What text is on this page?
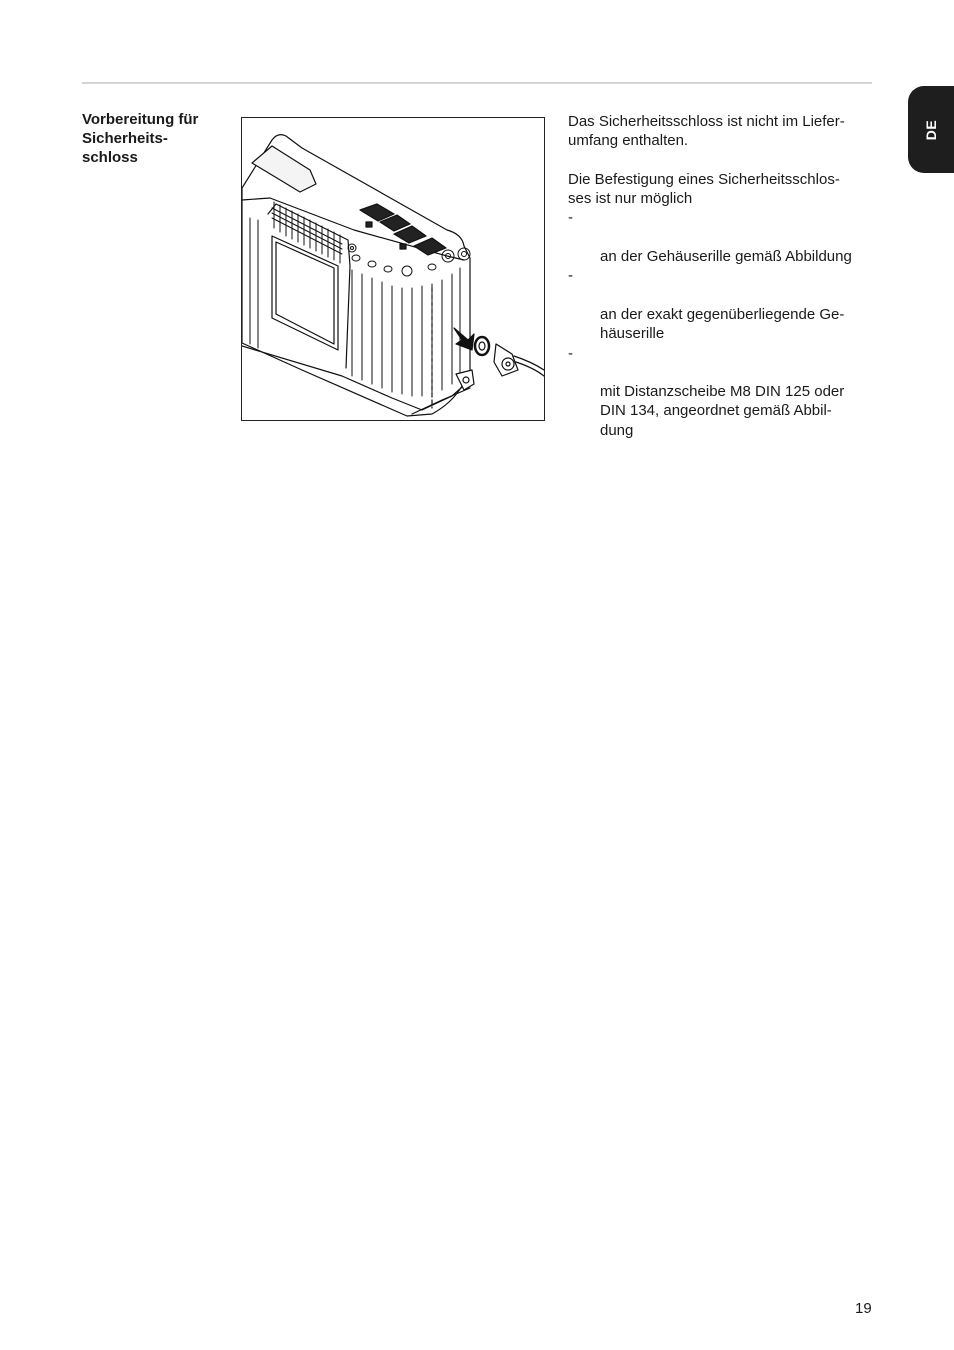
Vorbereitung für
Sicherheits-
schloss

Das Sicherheitsschloss ist nicht im Liefer-
umfang enthalten.

Die Befestigung eines Sicherheitsschlos-
ses ist nur möglich

-

an der Gehäuserille gemäß Abbildung

-

an der exakt gegenüberliegende Ge-
häuserille

-

mit Distanzscheibe M8 DIN 125 oder
DIN 134, angeordnet gemäß Abbil-
dung

DE
19
